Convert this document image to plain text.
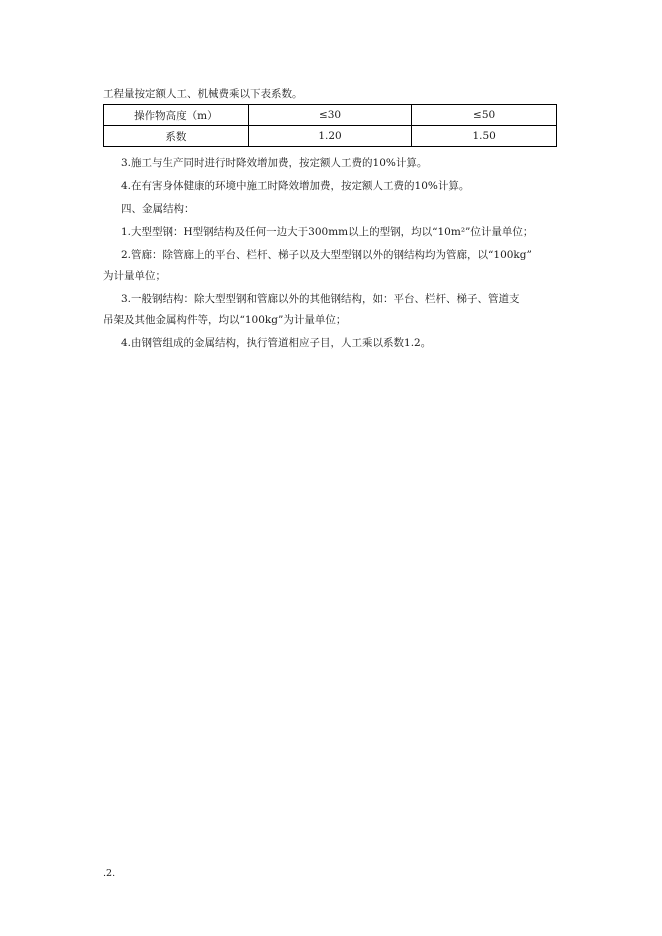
工程量按定额人工、机械费乘以下表系数。
操作物高度（m）	≤30	≤50
系数	1.20	1.50
3.施工与生产同时进行时降效增加费，按定额人工费的10%计算。
4.在有害身体健康的环境中施工时降效增加费，按定额人工费的10%计算。
四、金属结构：
1.大型型钢：H型钢结构及任何一边大于300mm以上的型钢，均以“10m²”位计量单位；
2.管廊：除管廊上的平台、栏杆、梯子以及大型型钢以外的钢结构均为管廊，以“100kg”
为计量单位；
3.一般钢结构：除大型型钢和管廊以外的其他钢结构，如：平台、栏杆、梯子、管道支
吊架及其他金属构件等，均以“100kg”为计量单位；
4.由钢管组成的金属结构，执行管道相应子目，人工乘以系数1.2。
.2.
